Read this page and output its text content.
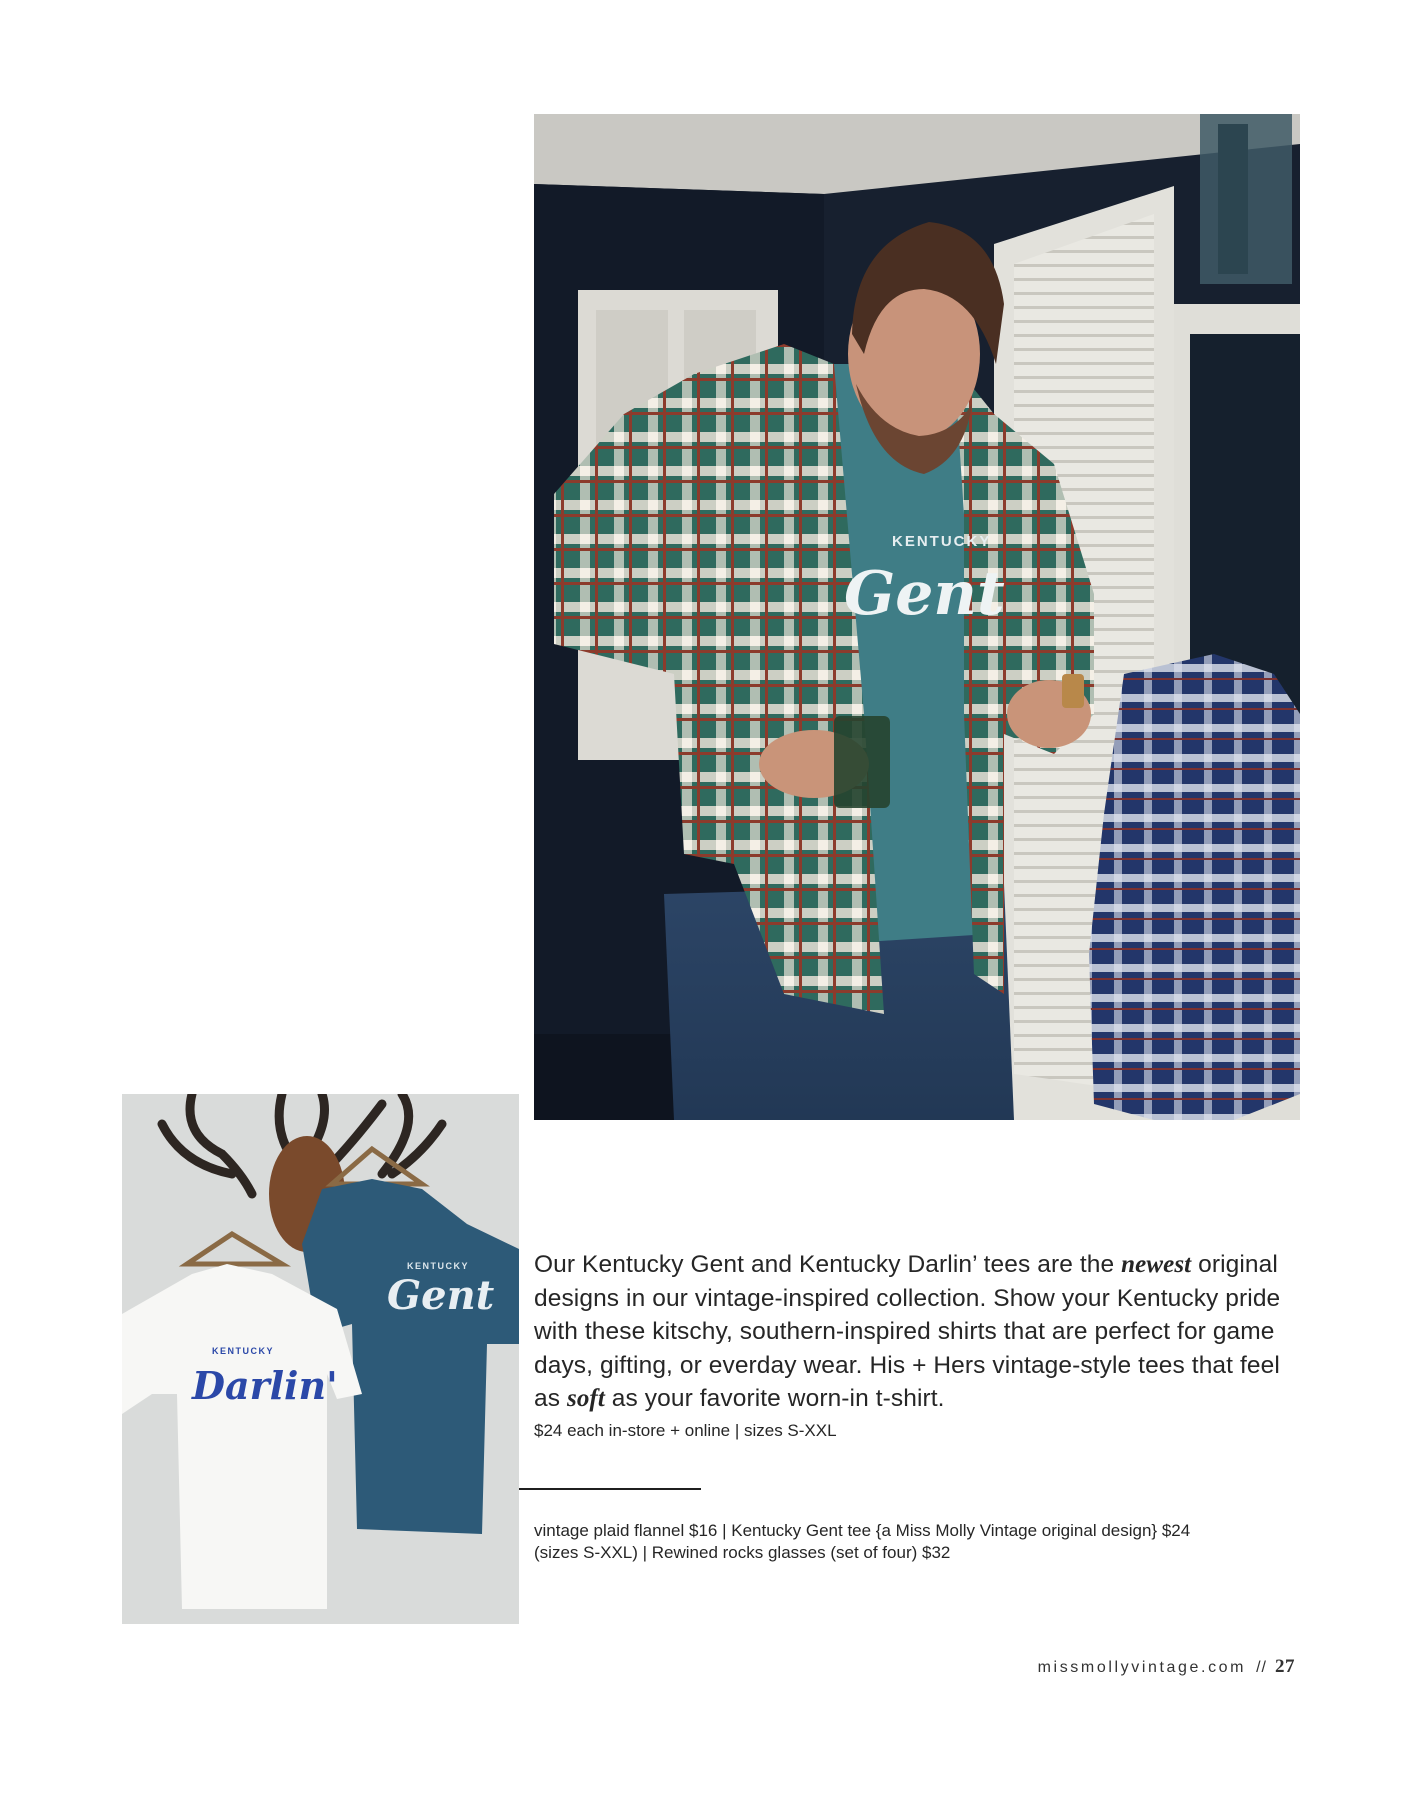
KENTUCKY
Gent
KENTUCKY
Gent
KENTUCKY
Darlin'

Our Kentucky Gent and Kentucky Darlin’ tees are the newest original designs in our vintage-inspired collection. Show your Kentucky pride with these kitschy, southern-inspired shirts that are perfect for game days, gifting, or everday wear. His + Hers vintage-style tees that feel as soft as your favorite worn-in t-shirt.

$24 each in-store + online | sizes S-XXL

vintage plaid flannel $16 | Kentucky Gent tee {a Miss Molly Vintage original design} $24 (sizes S-XXL) | Rewined rocks glasses (set of four) $32

missmollyvintage.com // 27
